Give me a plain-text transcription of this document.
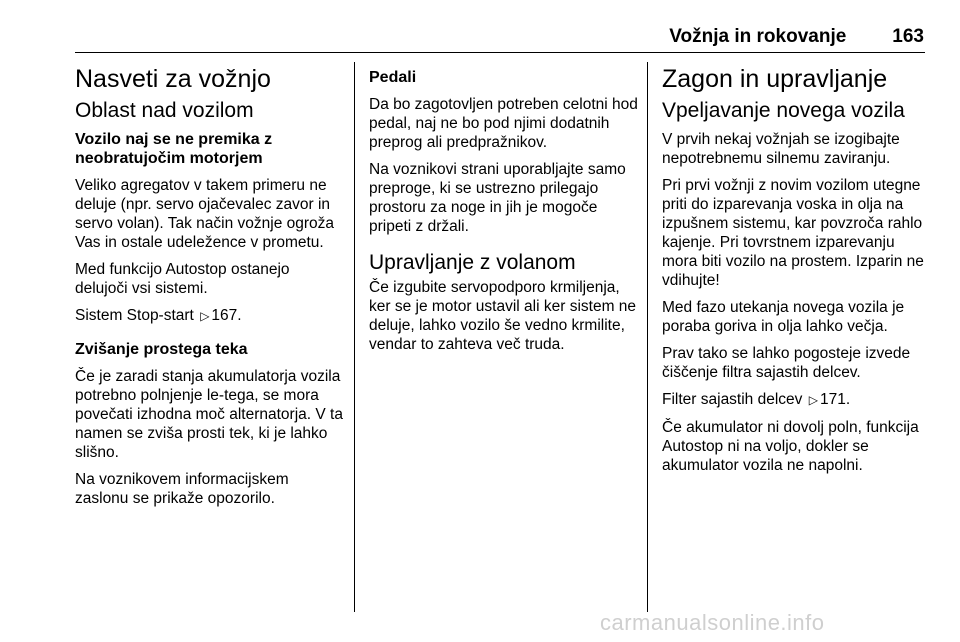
Vožnja in rokovanje 163
Nasveti za vožnjo
Oblast nad vozilom
Vozilo naj se ne premika z neobratujočim motorjem

Veliko agregatov v takem primeru ne deluje (npr. servo ojačevalec zavor in servo volan). Tak način vožnje ogroža Vas in ostale udeležence v prometu.

Med funkcijo Autostop ostanejo delujoči vsi sistemi.

Sistem Stop-start ▷ 167.

Zvišanje prostega teka

Če je zaradi stanja akumulatorja vozila potrebno polnjenje le-tega, se mora povečati izhodna moč alternatorja. V ta namen se zviša prosti tek, ki je lahko slišno.

Na voznikovem informacijskem zaslonu se prikaže opozorilo.

Pedali

Da bo zagotovljen potreben celotni hod pedal, naj ne bo pod njimi dodatnih preprog ali predpražnikov.

Na voznikovi strani uporabljajte samo preproge, ki se ustrezno prilegajo prostoru za noge in jih je mogoče pripeti z držali.

Upravljanje z volanom

Če izgubite servopodporo krmiljenja, ker se je motor ustavil ali ker sistem ne deluje, lahko vozilo še vedno krmilite, vendar to zahteva več truda.

Zagon in upravljanje
Vpeljavanje novega vozila

V prvih nekaj vožnjah se izogibajte nepotrebnemu silnemu zaviranju.

Pri prvi vožnji z novim vozilom utegne priti do izparevanja voska in olja na izpušnem sistemu, kar povzroča rahlo kajenje. Pri tovrstnem izparevanju mora biti vozilo na prostem. Izparin ne vdihujte!

Med fazo utekanja novega vozila je poraba goriva in olja lahko večja.

Prav tako se lahko pogosteje izvede čiščenje filtra sajastih delcev.

Filter sajastih delcev ▷ 171.

Če akumulator ni dovolj poln, funkcija Autostop ni na voljo, dokler se akumulator vozila ne napolni.

carmanualsonline.info
